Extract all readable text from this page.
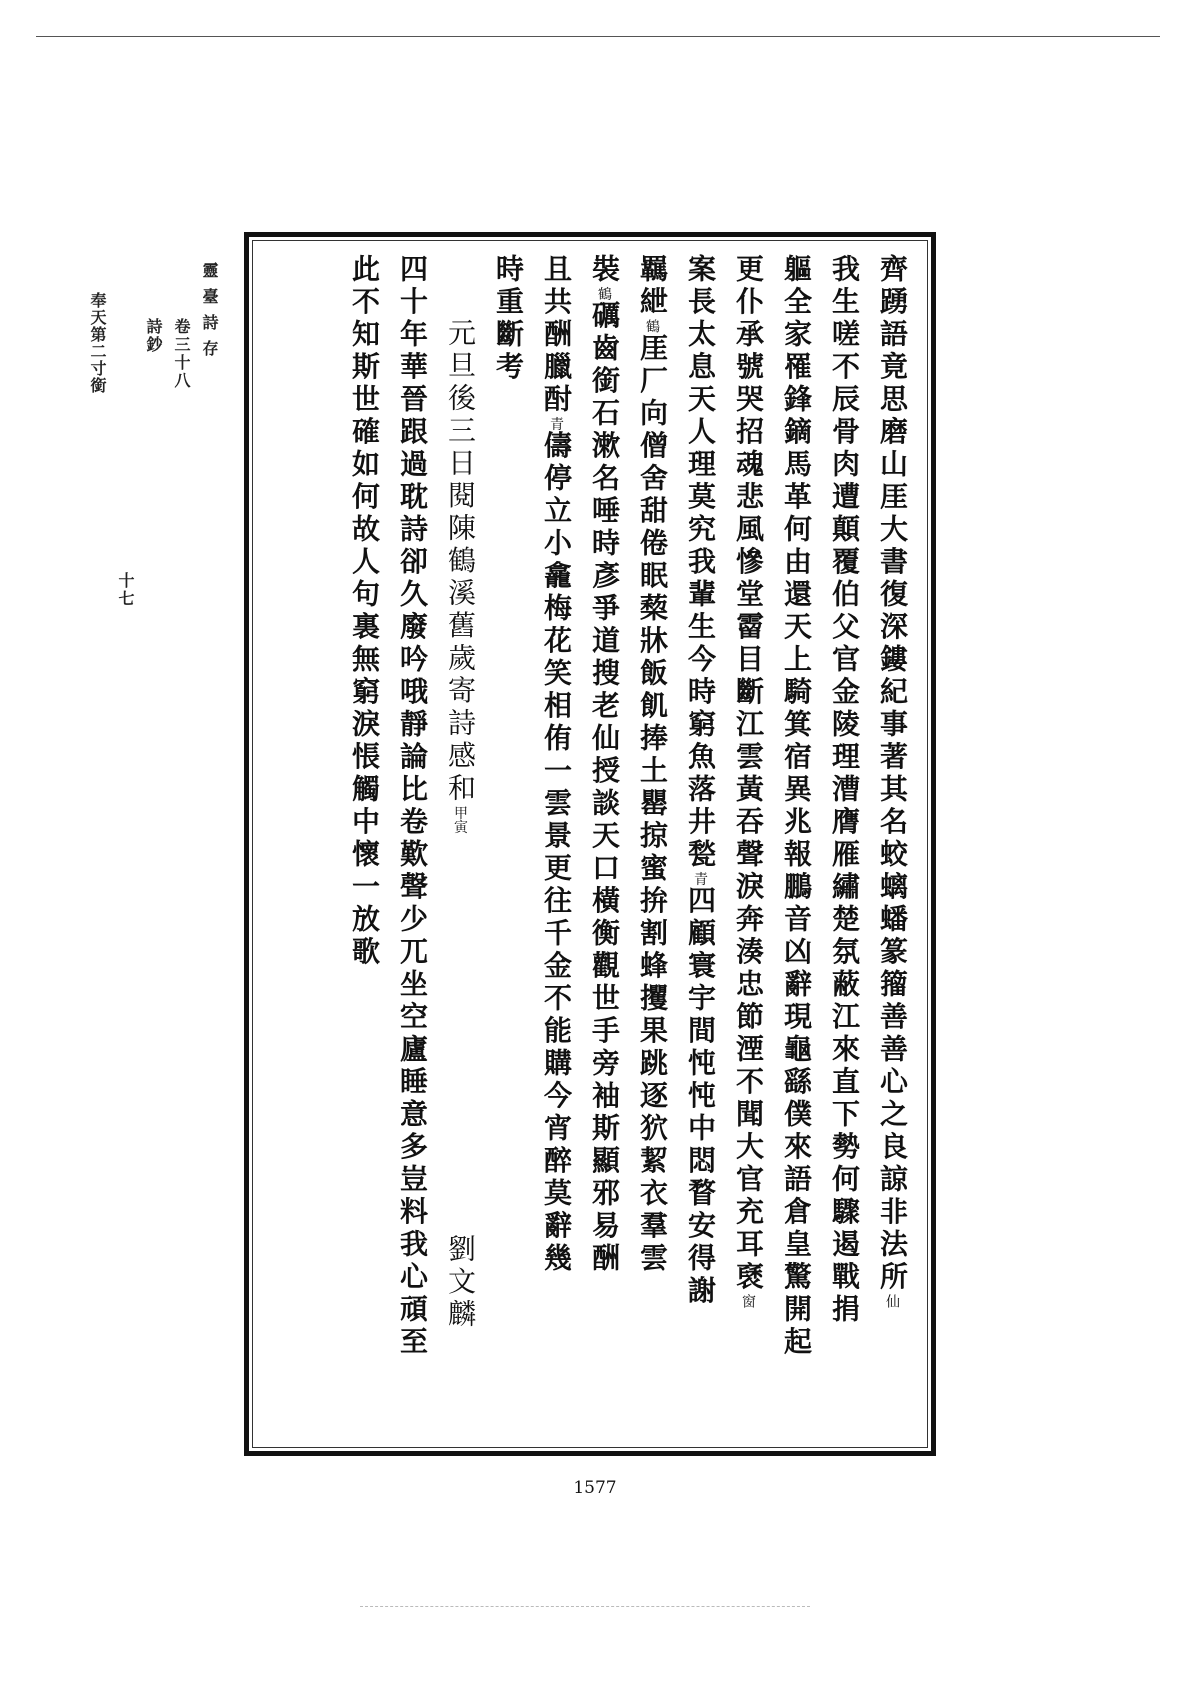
靈臺詩存
卷三十八
詩鈔
十七
奉天第二寸銜	齊踴語竟思磨山厓大書復深鏤紀事著其名蛟螭蟠篆籀善善心之良諒非法所仙
我生嗟不辰骨肉遭顛覆伯父官金陵理漕膺雁繡楚氛蔽江來直下勢何驟遏戰捐
軀全家罹鋒鏑馬革何由還天上騎箕宿異兆報鵬音凶辭現龜繇僕來語倉皇驚開起
更仆承號哭招魂悲風慘堂霤目斷江雲黃吞聲淚奔湊忠節湮不聞大官充耳褎窗
案長太息天人理莫究我輩生今時窮魚落井甃青四顧寰宇間忳忳中悶瞀安得謝
羈紲鶴厓厂向僧舍甜倦眠蔾牀飯飢捧土罌掠蜜拚割蜂攫果跳逐狖絜衣羣雲
裝鶴礪齒銜石漱名唾時彥爭道搜老仙授談天口橫衡觀世手旁袖斯顯邪易酬
且共酬臘酎青儔停立小龕梅花笑相侑一雲景更往千金不能購今宵醉莫辭幾
時重斷考
元旦後三日閱陳鶴溪舊歲寄詩感和甲寅劉文麟
四十年華晉跟過耽詩卻久廢吟哦靜論比卷歎聲少兀坐空廬睡意多豈料我心頑至
此不知斯世確如何故人句裏無窮淚悵觸中懷一放歌
1577
